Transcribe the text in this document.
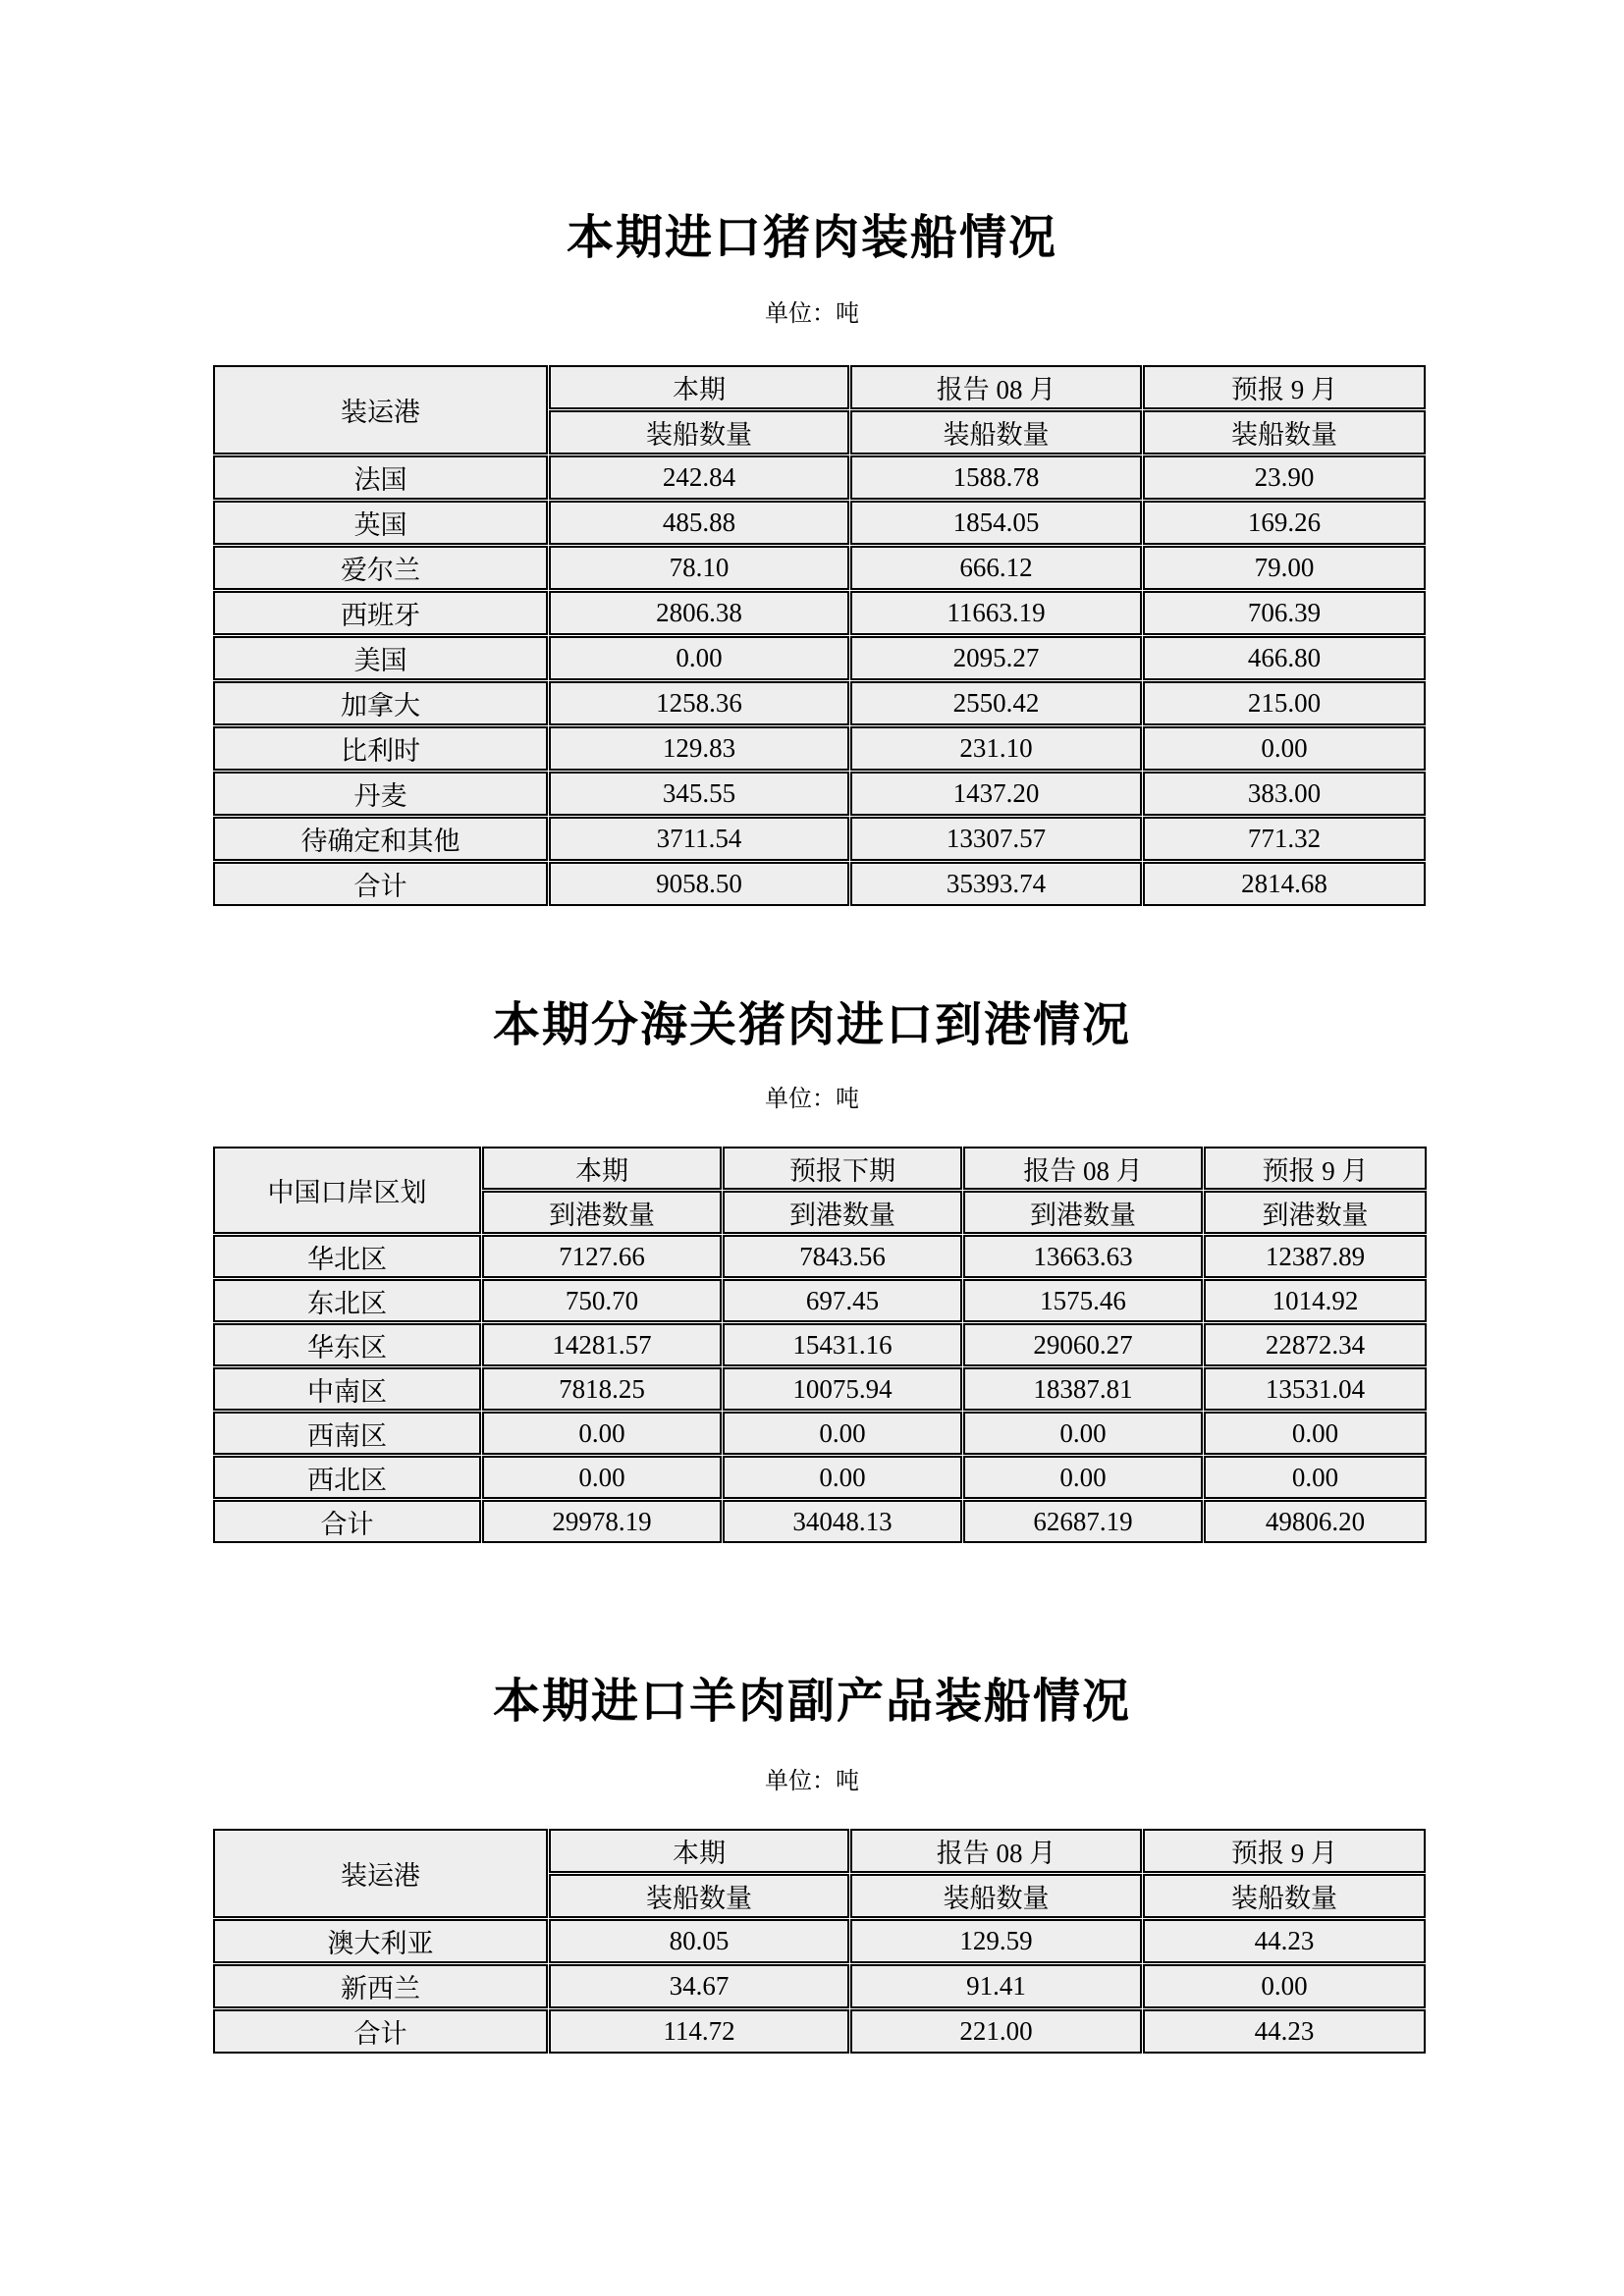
本期进口猪肉装船情况
单位：吨
装运港	本期	报告 08 月	预报 9 月
	装船数量	装船数量	装船数量
法国	242.84	1588.78	23.90
英国	485.88	1854.05	169.26
爱尔兰	78.10	666.12	79.00
西班牙	2806.38	11663.19	706.39
美国	0.00	2095.27	466.80
加拿大	1258.36	2550.42	215.00
比利时	129.83	231.10	0.00
丹麦	345.55	1437.20	383.00
待确定和其他	3711.54	13307.57	771.32
合计	9058.50	35393.74	2814.68
本期分海关猪肉进口到港情况
单位：吨
中国口岸区划	本期	预报下期	报告 08 月	预报 9 月
	到港数量	到港数量	到港数量	到港数量
华北区	7127.66	7843.56	13663.63	12387.89
东北区	750.70	697.45	1575.46	1014.92
华东区	14281.57	15431.16	29060.27	22872.34
中南区	7818.25	10075.94	18387.81	13531.04
西南区	0.00	0.00	0.00	0.00
西北区	0.00	0.00	0.00	0.00
合计	29978.19	34048.13	62687.19	49806.20
本期进口羊肉副产品装船情况
单位：吨
装运港	本期	报告 08 月	预报 9 月
	装船数量	装船数量	装船数量
澳大利亚	80.05	129.59	44.23
新西兰	34.67	91.41	0.00
合计	114.72	221.00	44.23
